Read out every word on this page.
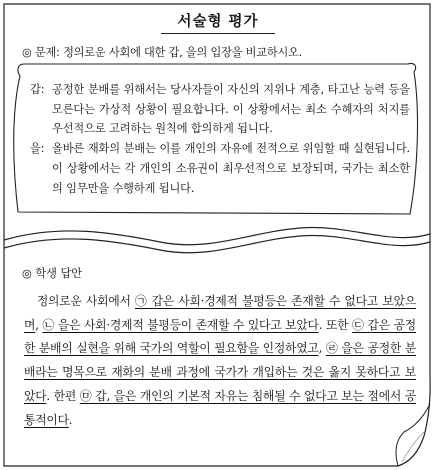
서술형 평가
◎ 문제: 정의로운 사회에 대한 갑, 을의 입장을 비교하시오.
갑: 공정한 분배를 위해서는 당사자들이 자신의 지위나 계층, 타고난 능력 등을 모른다는 가상적 상황이 필요합니다. 이 상황에서는 최소 수혜자의 처지를 우선적으로 고려하는 원칙에 합의하게 됩니다.
을: 올바른 재화의 분배는 이를 개인의 자유에 전적으로 위임할 때 실현됩니다. 이 상황에서는 각 개인의 소유권이 최우선적으로 보장되며, 국가는 최소한의 임무만을 수행하게 됩니다.
◎ 학생 답안
정의로운 사회에서 ㉠ 갑은 사회·경제적 불평등은 존재할 수 없다고 보았으며, ㉡ 을은 사회·경제적 불평등이 존재할 수 있다고 보았다. 또한 ㉢ 갑은 공정한 분배의 실현을 위해 국가의 역할이 필요함을 인정하였고, ㉣ 을은 공정한 분배라는 명목으로 재화의 분배 과정에 국가가 개입하는 것은 옳지 못하다고 보았다. 한편 ㉤ 갑, 을은 개인의 기본적 자유는 침해될 수 없다고 보는 점에서 공통적이다.
